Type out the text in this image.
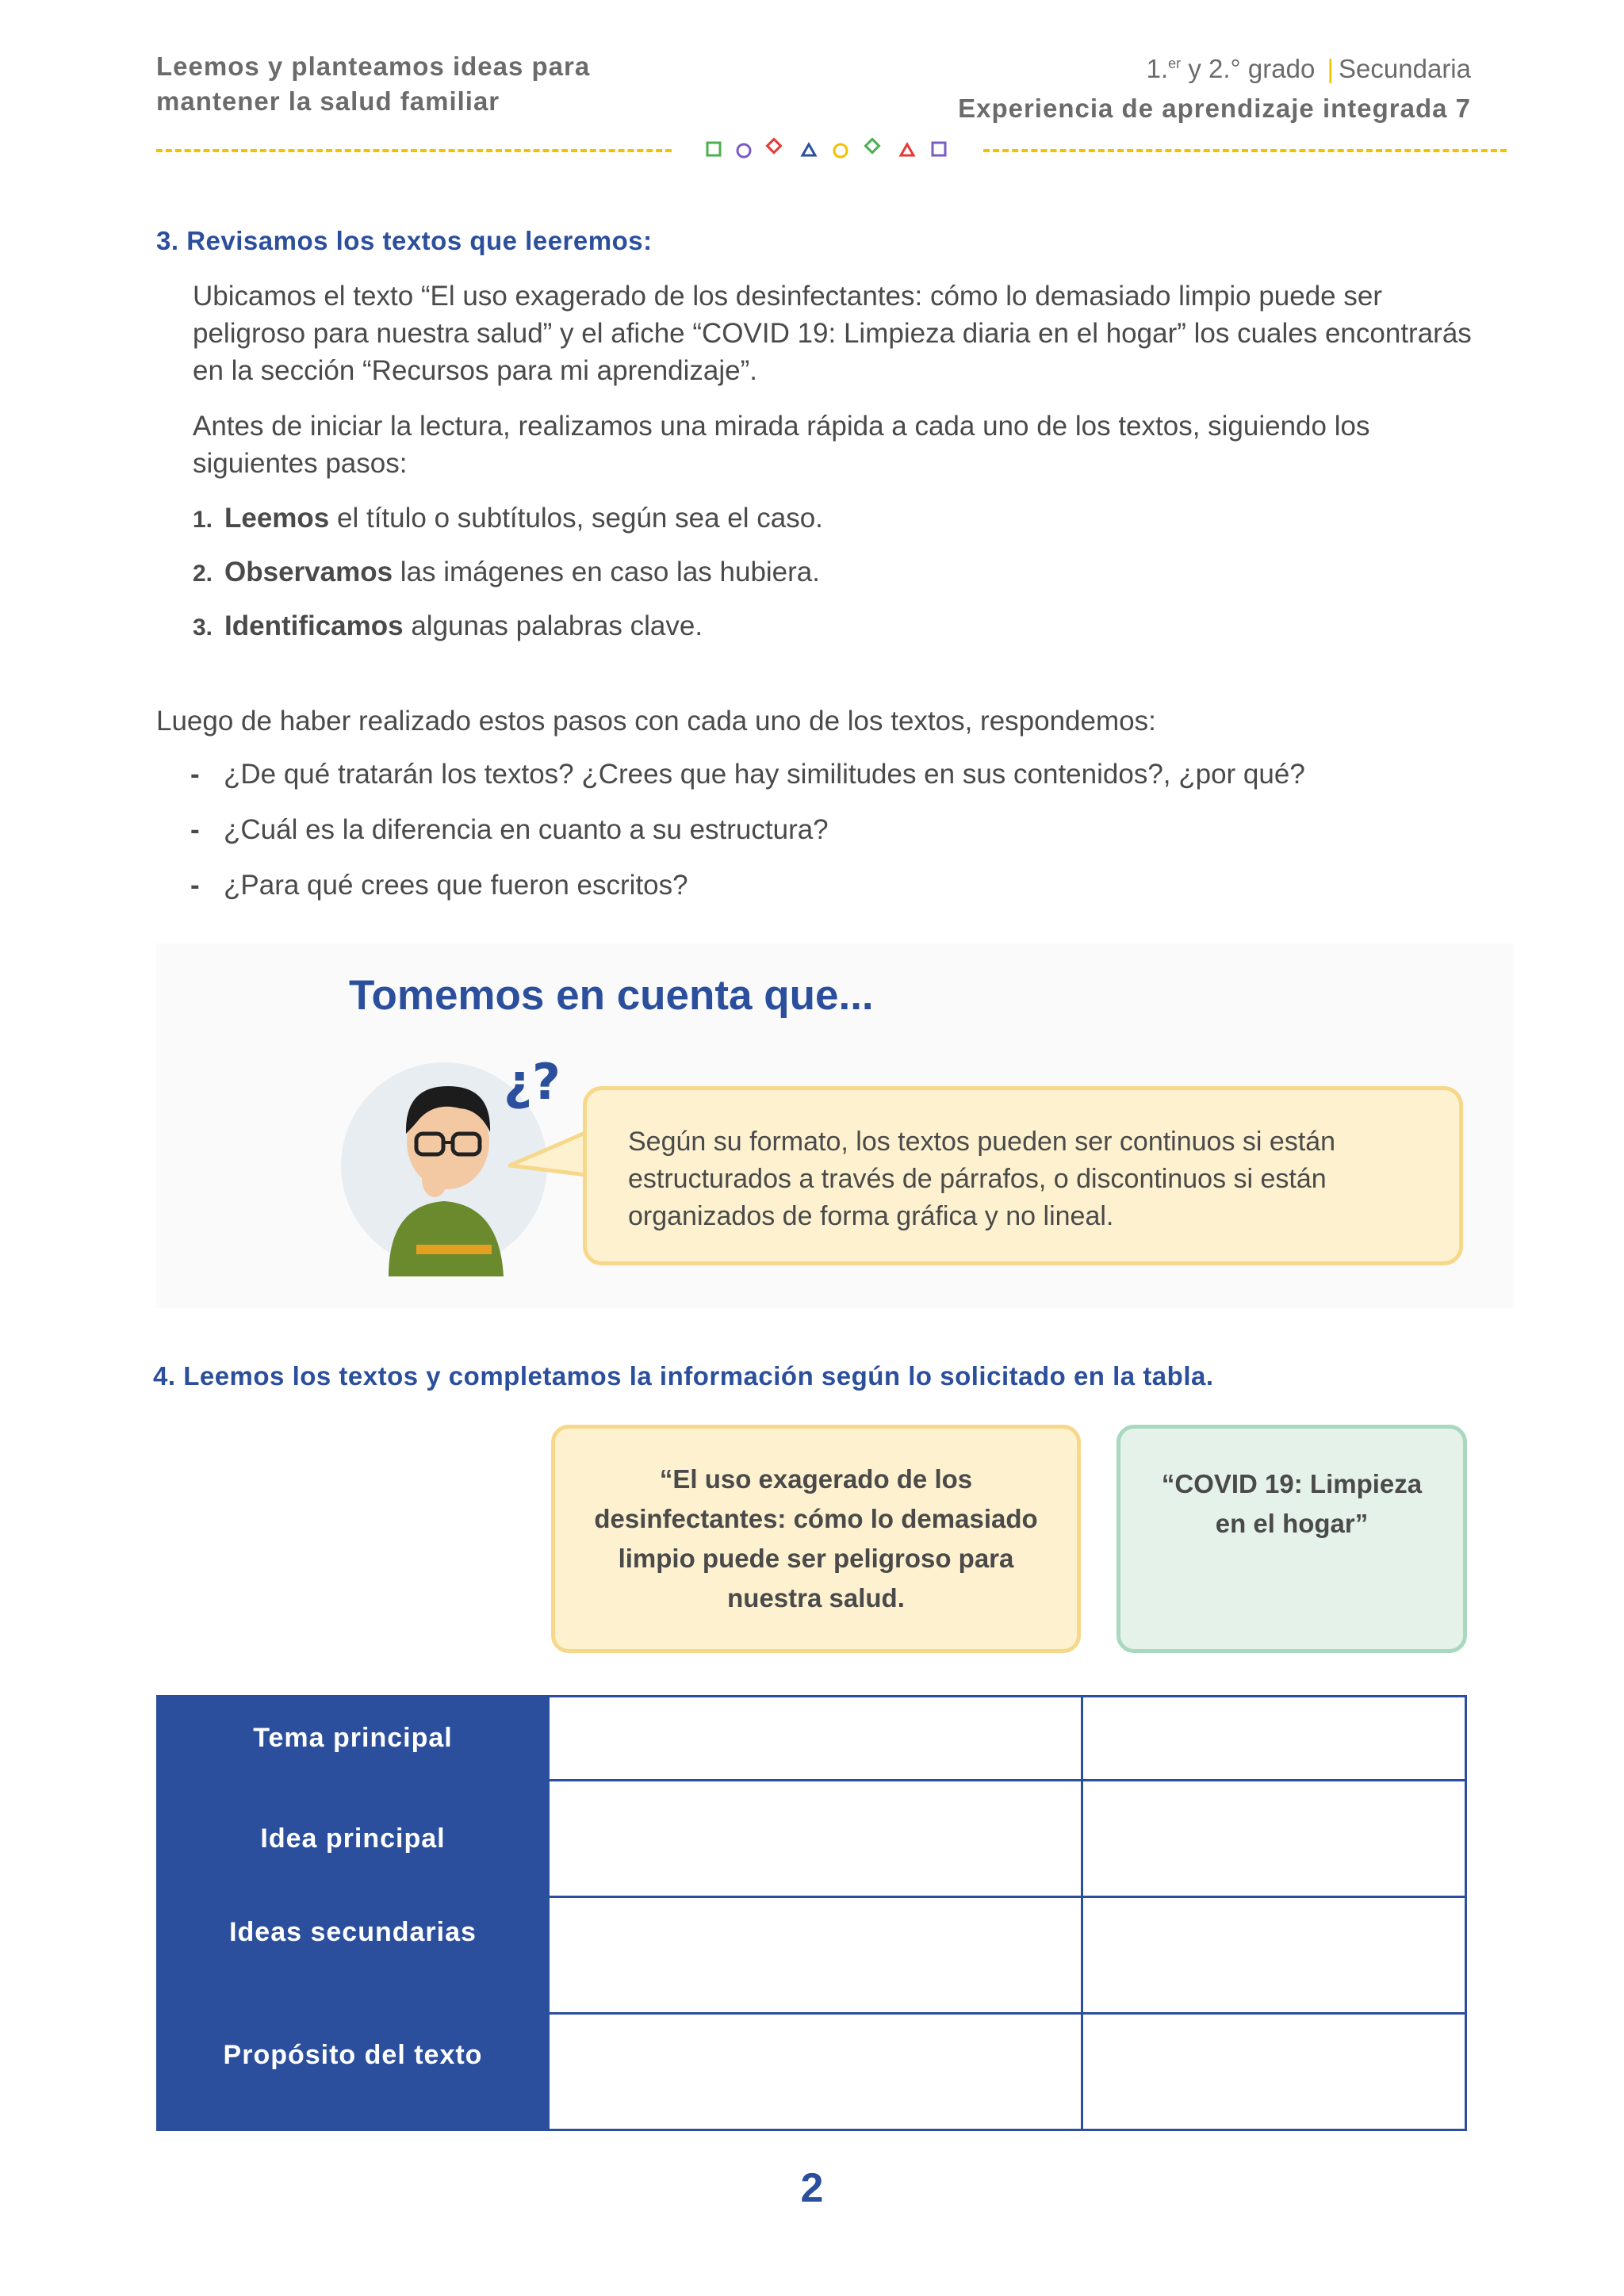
Leemos y planteamos ideas para
mantener la salud familiar
1.$^{er}$ y 2.° grado | Secundaria
Experiencia de aprendizaje integrada 7
3. Revisamos los textos que leeremos:
Ubicamos el texto “El uso exagerado de los desinfectantes: cómo lo demasiado limpio puede ser peligroso para nuestra salud” y el afiche “COVID 19: Limpieza diaria en el hogar” los cuales encontrarás en la sección “Recursos para mi aprendizaje”.
Antes de iniciar la lectura, realizamos una mirada rápida a cada uno de los textos, siguiendo los siguientes pasos:
1. Leemos el título o subtítulos, según sea el caso.
2. Observamos las imágenes en caso las hubiera.
3. Identificamos algunas palabras clave.
Luego de haber realizado estos pasos con cada uno de los textos, respondemos:
- ¿De qué tratarán los textos? ¿Crees que hay similitudes en sus contenidos?, ¿por qué?
- ¿Cuál es la diferencia en cuanto a su estructura?
- ¿Para qué crees que fueron escritos?
Tomemos en cuenta que...
¿?
Según su formato, los textos pueden ser continuos si están estructurados a través de párrafos, o discontinuos si están organizados de forma gráfica y no lineal.
4. Leemos los textos y completamos la información según lo solicitado en la tabla.
“El uso exagerado de los desinfectantes: cómo lo demasiado limpio puede ser peligroso para nuestra salud.
“COVID 19: Limpieza en el hogar”
Tema principal		
Idea principal		
Ideas secundarias		
Propósito del texto		
2
